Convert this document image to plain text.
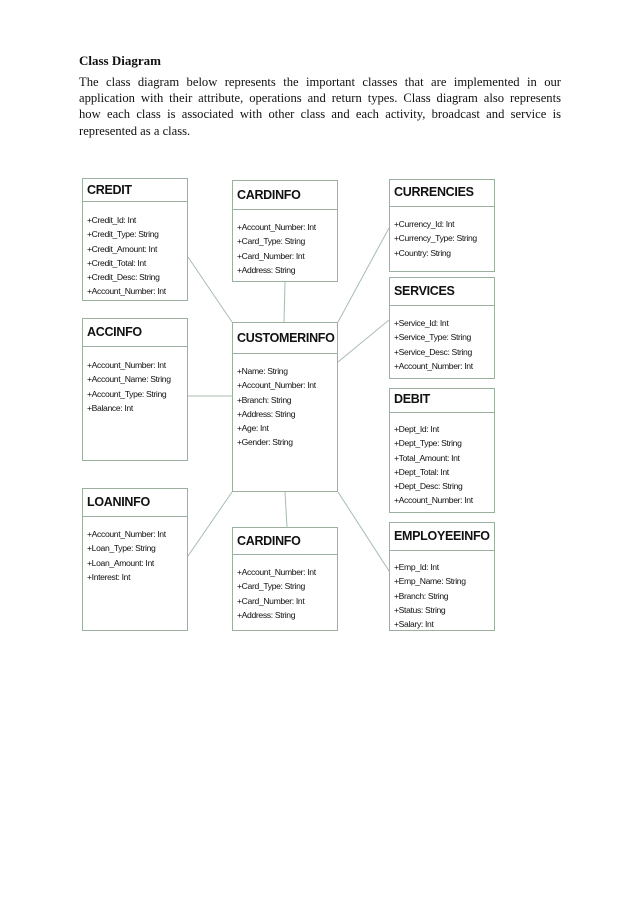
Class Diagram
The class diagram below represents the important classes that are implemented in our
application with their attribute, operations and return types. Class diagram also represents
how each class is associated with other class and each activity, broadcast and service is
represented as a class.
CREDIT
+Credit_Id: Int
+Credit_Type: String
+Credit_Amount: Int
+Credit_Total: Int
+Credit_Desc: String
+Account_Number: Int
CARDINFO
+Account_Number: Int
+Card_Type: String
+Card_Number: Int
+Address: String
CURRENCIES
+Currency_Id: Int
+Currency_Type: String
+Country: String
ACCINFO
+Account_Number: Int
+Account_Name: String
+Account_Type: String
+Balance: Int
CUSTOMERINFO
+Name: String
+Account_Number: Int
+Branch: String
+Address: String
+Age: Int
+Gender: String
SERVICES
+Service_Id: Int
+Service_Type: String
+Service_Desc: String
+Account_Number: Int
DEBIT
+Dept_Id: Int
+Dept_Type: String
+Total_Amount: Int
+Dept_Total: Int
+Dept_Desc: String
+Account_Number: Int
LOANINFO
+Account_Number: Int
+Loan_Type: String
+Loan_Amount: Int
+Interest: Int
CARDINFO
+Account_Number: Int
+Card_Type: String
+Card_Number: Int
+Address: String
EMPLOYEEINFO
+Emp_Id: Int
+Emp_Name: String
+Branch: String
+Status: String
+Salary: Int
